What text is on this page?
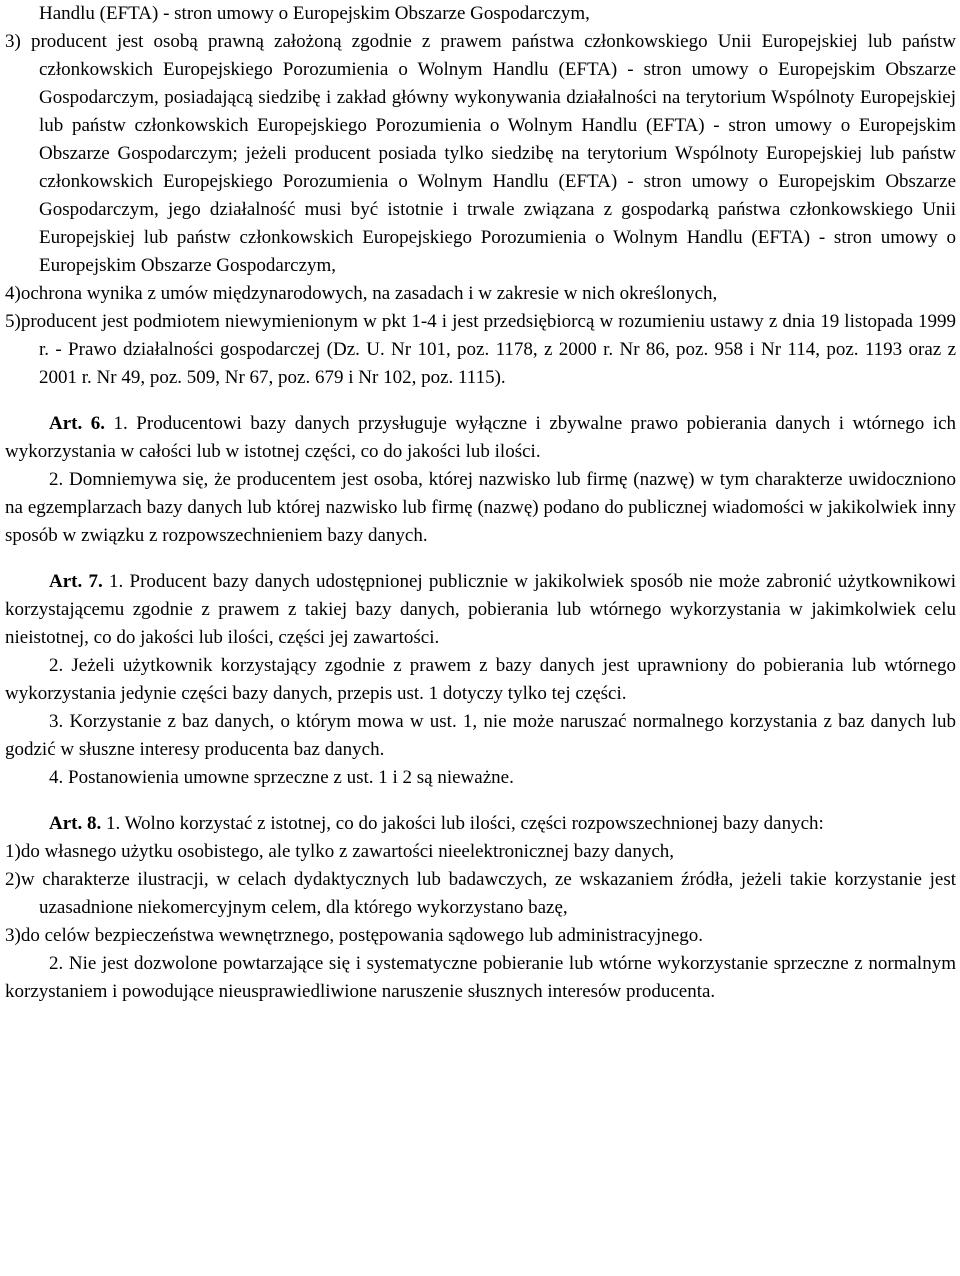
Handlu (EFTA) - stron umowy o Europejskim Obszarze Gospodarczym,

3) producent jest osobą prawną założoną zgodnie z prawem państwa członkowskiego Unii Europejskiej lub państw członkowskich Europejskiego Porozumienia o Wolnym Handlu (EFTA) - stron umowy o Europejskim Obszarze Gospodarczym, posiadającą siedzibę i zakład główny wykonywania działalności na terytorium Wspólnoty Europejskiej lub państw członkowskich Europejskiego Porozumienia o Wolnym Handlu (EFTA) - stron umowy o Europejskim Obszarze Gospodarczym; jeżeli producent posiada tylko siedzibę na terytorium Wspólnoty Europejskiej lub państw członkowskich Europejskiego Porozumienia o Wolnym Handlu (EFTA) - stron umowy o Europejskim Obszarze Gospodarczym, jego działalność musi być istotnie i trwale związana z gospodarką państwa członkowskiego Unii Europejskiej lub państw członkowskich Europejskiego Porozumienia o Wolnym Handlu (EFTA) - stron umowy o Europejskim Obszarze Gospodarczym,

4)ochrona wynika z umów międzynarodowych, na zasadach i w zakresie w nich określonych,

5)producent jest podmiotem niewymienionym w pkt 1-4 i jest przedsiębiorcą w rozumieniu ustawy z dnia 19 listopada 1999 r. - Prawo działalności gospodarczej (Dz. U. Nr 101, poz. 1178, z 2000 r. Nr 86, poz. 958 i Nr 114, poz. 1193 oraz z 2001 r. Nr 49, poz. 509, Nr 67, poz. 679 i Nr 102, poz. 1115).

Art. 6. 1. Producentowi bazy danych przysługuje wyłączne i zbywalne prawo pobierania danych i wtórnego ich wykorzystania w całości lub w istotnej części, co do jakości lub ilości.

2. Domniemywa się, że producentem jest osoba, której nazwisko lub firmę (nazwę) w tym charakterze uwidoczniono na egzemplarzach bazy danych lub której nazwisko lub firmę (nazwę) podano do publicznej wiadomości w jakikolwiek inny sposób w związku z rozpowszechnieniem bazy danych.

Art. 7. 1. Producent bazy danych udostępnionej publicznie w jakikolwiek sposób nie może zabronić użytkownikowi korzystającemu zgodnie z prawem z takiej bazy danych, pobierania lub wtórnego wykorzystania w jakimkolwiek celu nieistotnej, co do jakości lub ilości, części jej zawartości.

2. Jeżeli użytkownik korzystający zgodnie z prawem z bazy danych jest uprawniony do pobierania lub wtórnego wykorzystania jedynie części bazy danych, przepis ust. 1 dotyczy tylko tej części.

3. Korzystanie z baz danych, o którym mowa w ust. 1, nie może naruszać normalnego korzystania z baz danych lub godzić w słuszne interesy producenta baz danych.

4. Postanowienia umowne sprzeczne z ust. 1 i 2 są nieważne.

Art. 8. 1. Wolno korzystać z istotnej, co do jakości lub ilości, części rozpowszechnionej bazy danych:

1)do własnego użytku osobistego, ale tylko z zawartości nieelektronicznej bazy danych,

2)w charakterze ilustracji, w celach dydaktycznych lub badawczych, ze wskazaniem źródła, jeżeli takie korzystanie jest uzasadnione niekomercyjnym celem, dla którego wykorzystano bazę,

3)do celów bezpieczeństwa wewnętrznego, postępowania sądowego lub administracyjnego.

2. Nie jest dozwolone powtarzające się i systematyczne pobieranie lub wtórne wykorzystanie sprzeczne z normalnym korzystaniem i powodujące nieusprawiedliwione naruszenie słusznych interesów producenta.
